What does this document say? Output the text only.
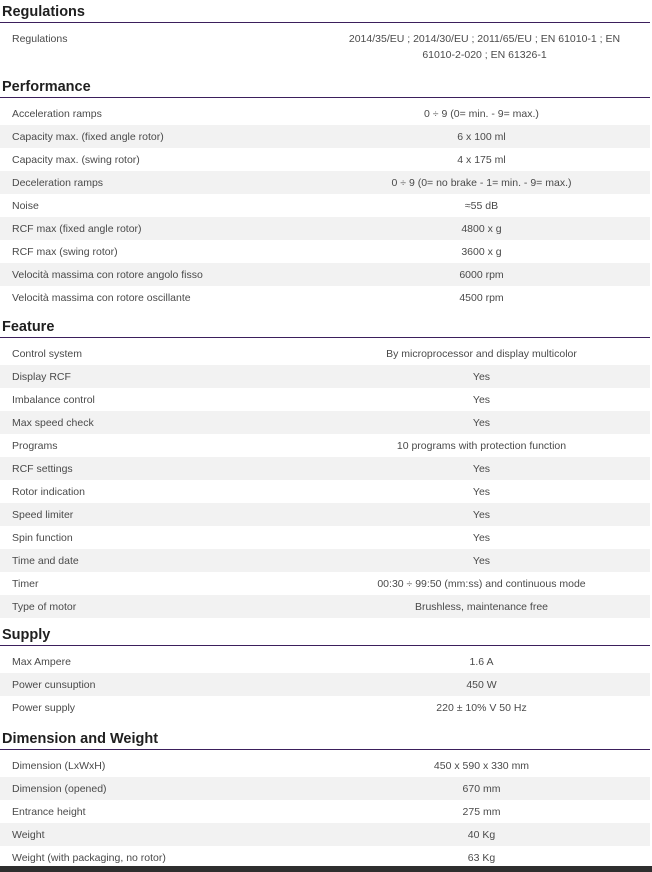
Regulations
Regulations	2014/35/EU ; 2014/30/EU ; 2011/65/EU ; EN 61010-1 ; EN 61010-2-020 ; EN 61326-1
Performance
Acceleration ramps	0 ÷ 9 (0= min. - 9= max.)
Capacity max. (fixed angle rotor)	6 x 100 ml
Capacity max. (swing rotor)	4 x 175 ml
Deceleration ramps	0 ÷ 9 (0= no brake - 1= min. - 9= max.)
Noise	≈55 dB
RCF max (fixed angle rotor)	4800 x g
RCF max (swing rotor)	3600 x g
Velocità massima con rotore angolo fisso	6000 rpm
Velocità massima con rotore oscillante	4500 rpm
Feature
Control system	By microprocessor and display multicolor
Display RCF	Yes
Imbalance control	Yes
Max speed check	Yes
Programs	10 programs with protection function
RCF settings	Yes
Rotor indication	Yes
Speed limiter	Yes
Spin function	Yes
Time and date	Yes
Timer	00:30 ÷ 99:50 (mm:ss) and continuous mode
Type of motor	Brushless, maintenance free
Supply
Max Ampere	1.6 A
Power cunsuption	450 W
Power supply	220 ± 10% V 50 Hz
Dimension and Weight
Dimension (LxWxH)	450 x 590 x 330 mm
Dimension (opened)	670 mm
Entrance height	275 mm
Weight	40 Kg
Weight (with packaging, no rotor)	63 Kg
